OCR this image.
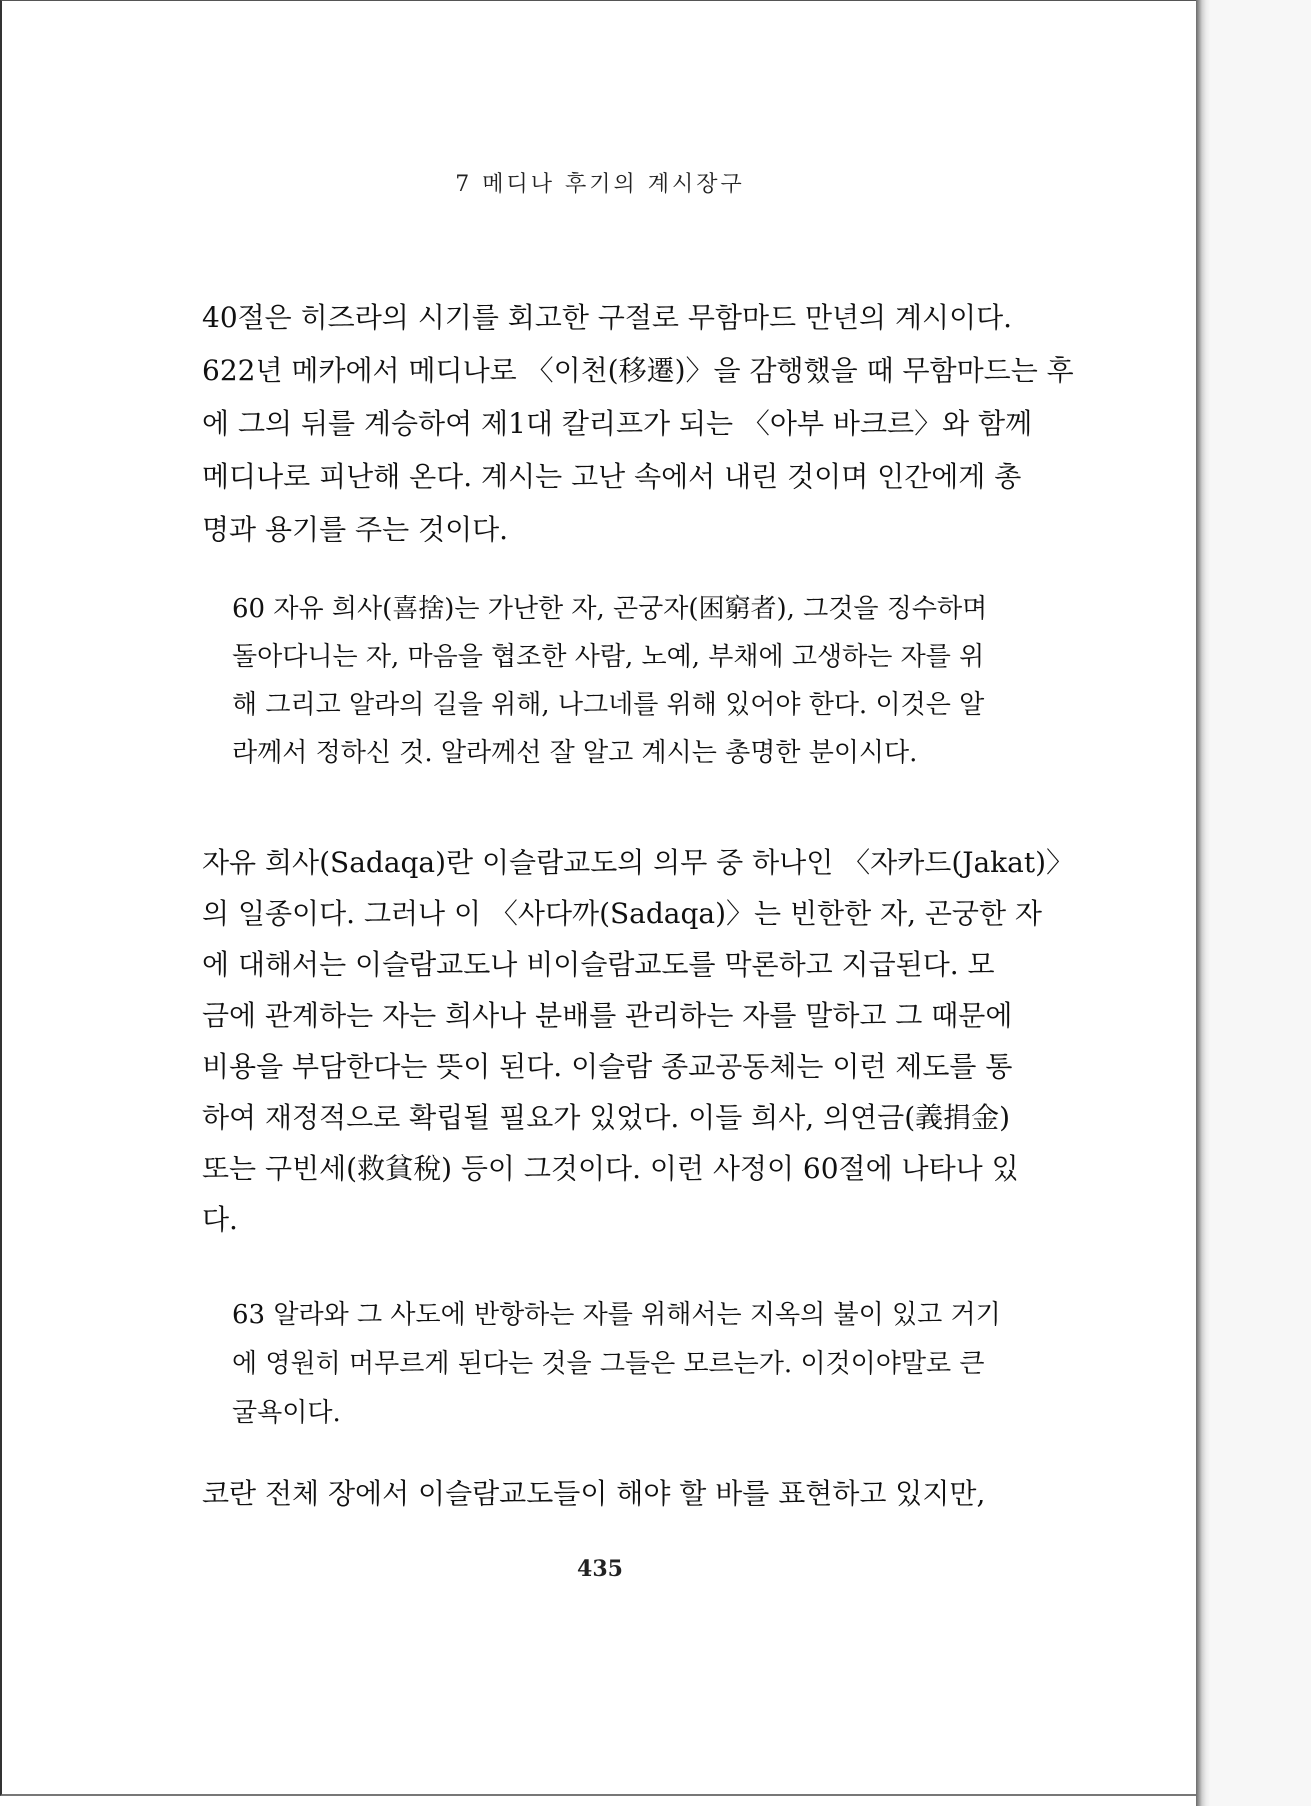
7 메디나 후기의 계시장구

40절은 히즈라의 시기를 회고한 구절로 무함마드 만년의 계시이다.
622년 메카에서 메디나로 〈이천(移遷)〉을 감행했을 때 무함마드는 후
에 그의 뒤를 계승하여 제1대 칼리프가 되는 〈아부 바크르〉와 함께
메디나로 피난해 온다. 계시는 고난 속에서 내린 것이며 인간에게 총
명과 용기를 주는 것이다.

60 자유 희사(喜捨)는 가난한 자, 곤궁자(困窮者), 그것을 징수하며
돌아다니는 자, 마음을 협조한 사람, 노예, 부채에 고생하는 자를 위
해 그리고 알라의 길을 위해, 나그네를 위해 있어야 한다. 이것은 알
라께서 정하신 것. 알라께선 잘 알고 계시는 총명한 분이시다.

자유 희사(Sadaqa)란 이슬람교도의 의무 중 하나인 〈자카드(Jakat)〉
의 일종이다. 그러나 이 〈사다까(Sadaqa)〉는 빈한한 자, 곤궁한 자
에 대해서는 이슬람교도나 비이슬람교도를 막론하고 지급된다. 모
금에 관계하는 자는 희사나 분배를 관리하는 자를 말하고 그 때문에
비용을 부담한다는 뜻이 된다. 이슬람 종교공동체는 이런 제도를 통
하여 재정적으로 확립될 필요가 있었다. 이들 희사, 의연금(義捐金)
또는 구빈세(救貧稅) 등이 그것이다. 이런 사정이 60절에 나타나 있
다.

63 알라와 그 사도에 반항하는 자를 위해서는 지옥의 불이 있고 거기
에 영원히 머무르게 된다는 것을 그들은 모르는가. 이것이야말로 큰
굴욕이다.

코란 전체 장에서 이슬람교도들이 해야 할 바를 표현하고 있지만,

435
